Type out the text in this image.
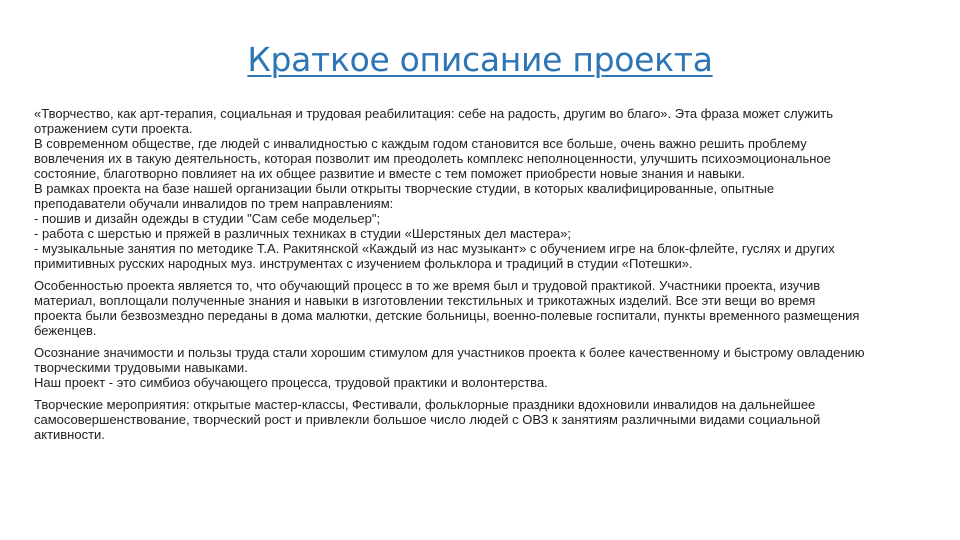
Краткое описание проекта
«Творчество, как арт-терапия, социальная и трудовая реабилитация: себе на радость, другим во благо». Эта фраза может служить
отражением сути проекта.
В современном обществе, где людей с инвалидностью с каждым годом становится все больше, очень важно решить проблему
вовлечения их в такую деятельность, которая позволит им преодолеть комплекс неполноценности, улучшить психоэмоциональное
состояние, благотворно повлияет на их общее развитие и вместе с тем поможет приобрести новые знания и навыки.
В рамках проекта на базе нашей организации были открыты творческие студии, в которых квалифицированные, опытные
преподаватели обучали инвалидов по трем направлениям:
- пошив и дизайн одежды в студии "Сам себе модельер";
- работа с шерстью и пряжей в различных техниках в студии «Шерстяных дел мастера»;
- музыкальные занятия по методике Т.А. Ракитянской «Каждый из нас музыкант» с обучением игре на блок-флейте, гуслях и других
примитивных русских народных муз. инструментах с изучением фольклора и традиций в студии «Потешки».
Особенностью проекта является то, что обучающий процесс в то же время был и трудовой практикой. Участники проекта, изучив
материал, воплощали полученные знания и навыки в изготовлении текстильных и трикотажных изделий. Все эти вещи во время
проекта были безвозмездно переданы в дома малютки, детские больницы, военно-полевые госпитали, пункты временного размещения
беженцев.
Осознание значимости и пользы труда стали хорошим стимулом для участников проекта к более качественному и быстрому овладению
творческими трудовыми навыками.
Наш проект - это симбиоз обучающего процесса, трудовой практики и волонтерства.
Творческие мероприятия: открытые мастер-классы, Фестивали, фольклорные праздники вдохновили инвалидов на дальнейшее
самосовершенствование, творческий рост и привлекли большое число людей с ОВЗ к занятиям различными видами социальной
активности.
